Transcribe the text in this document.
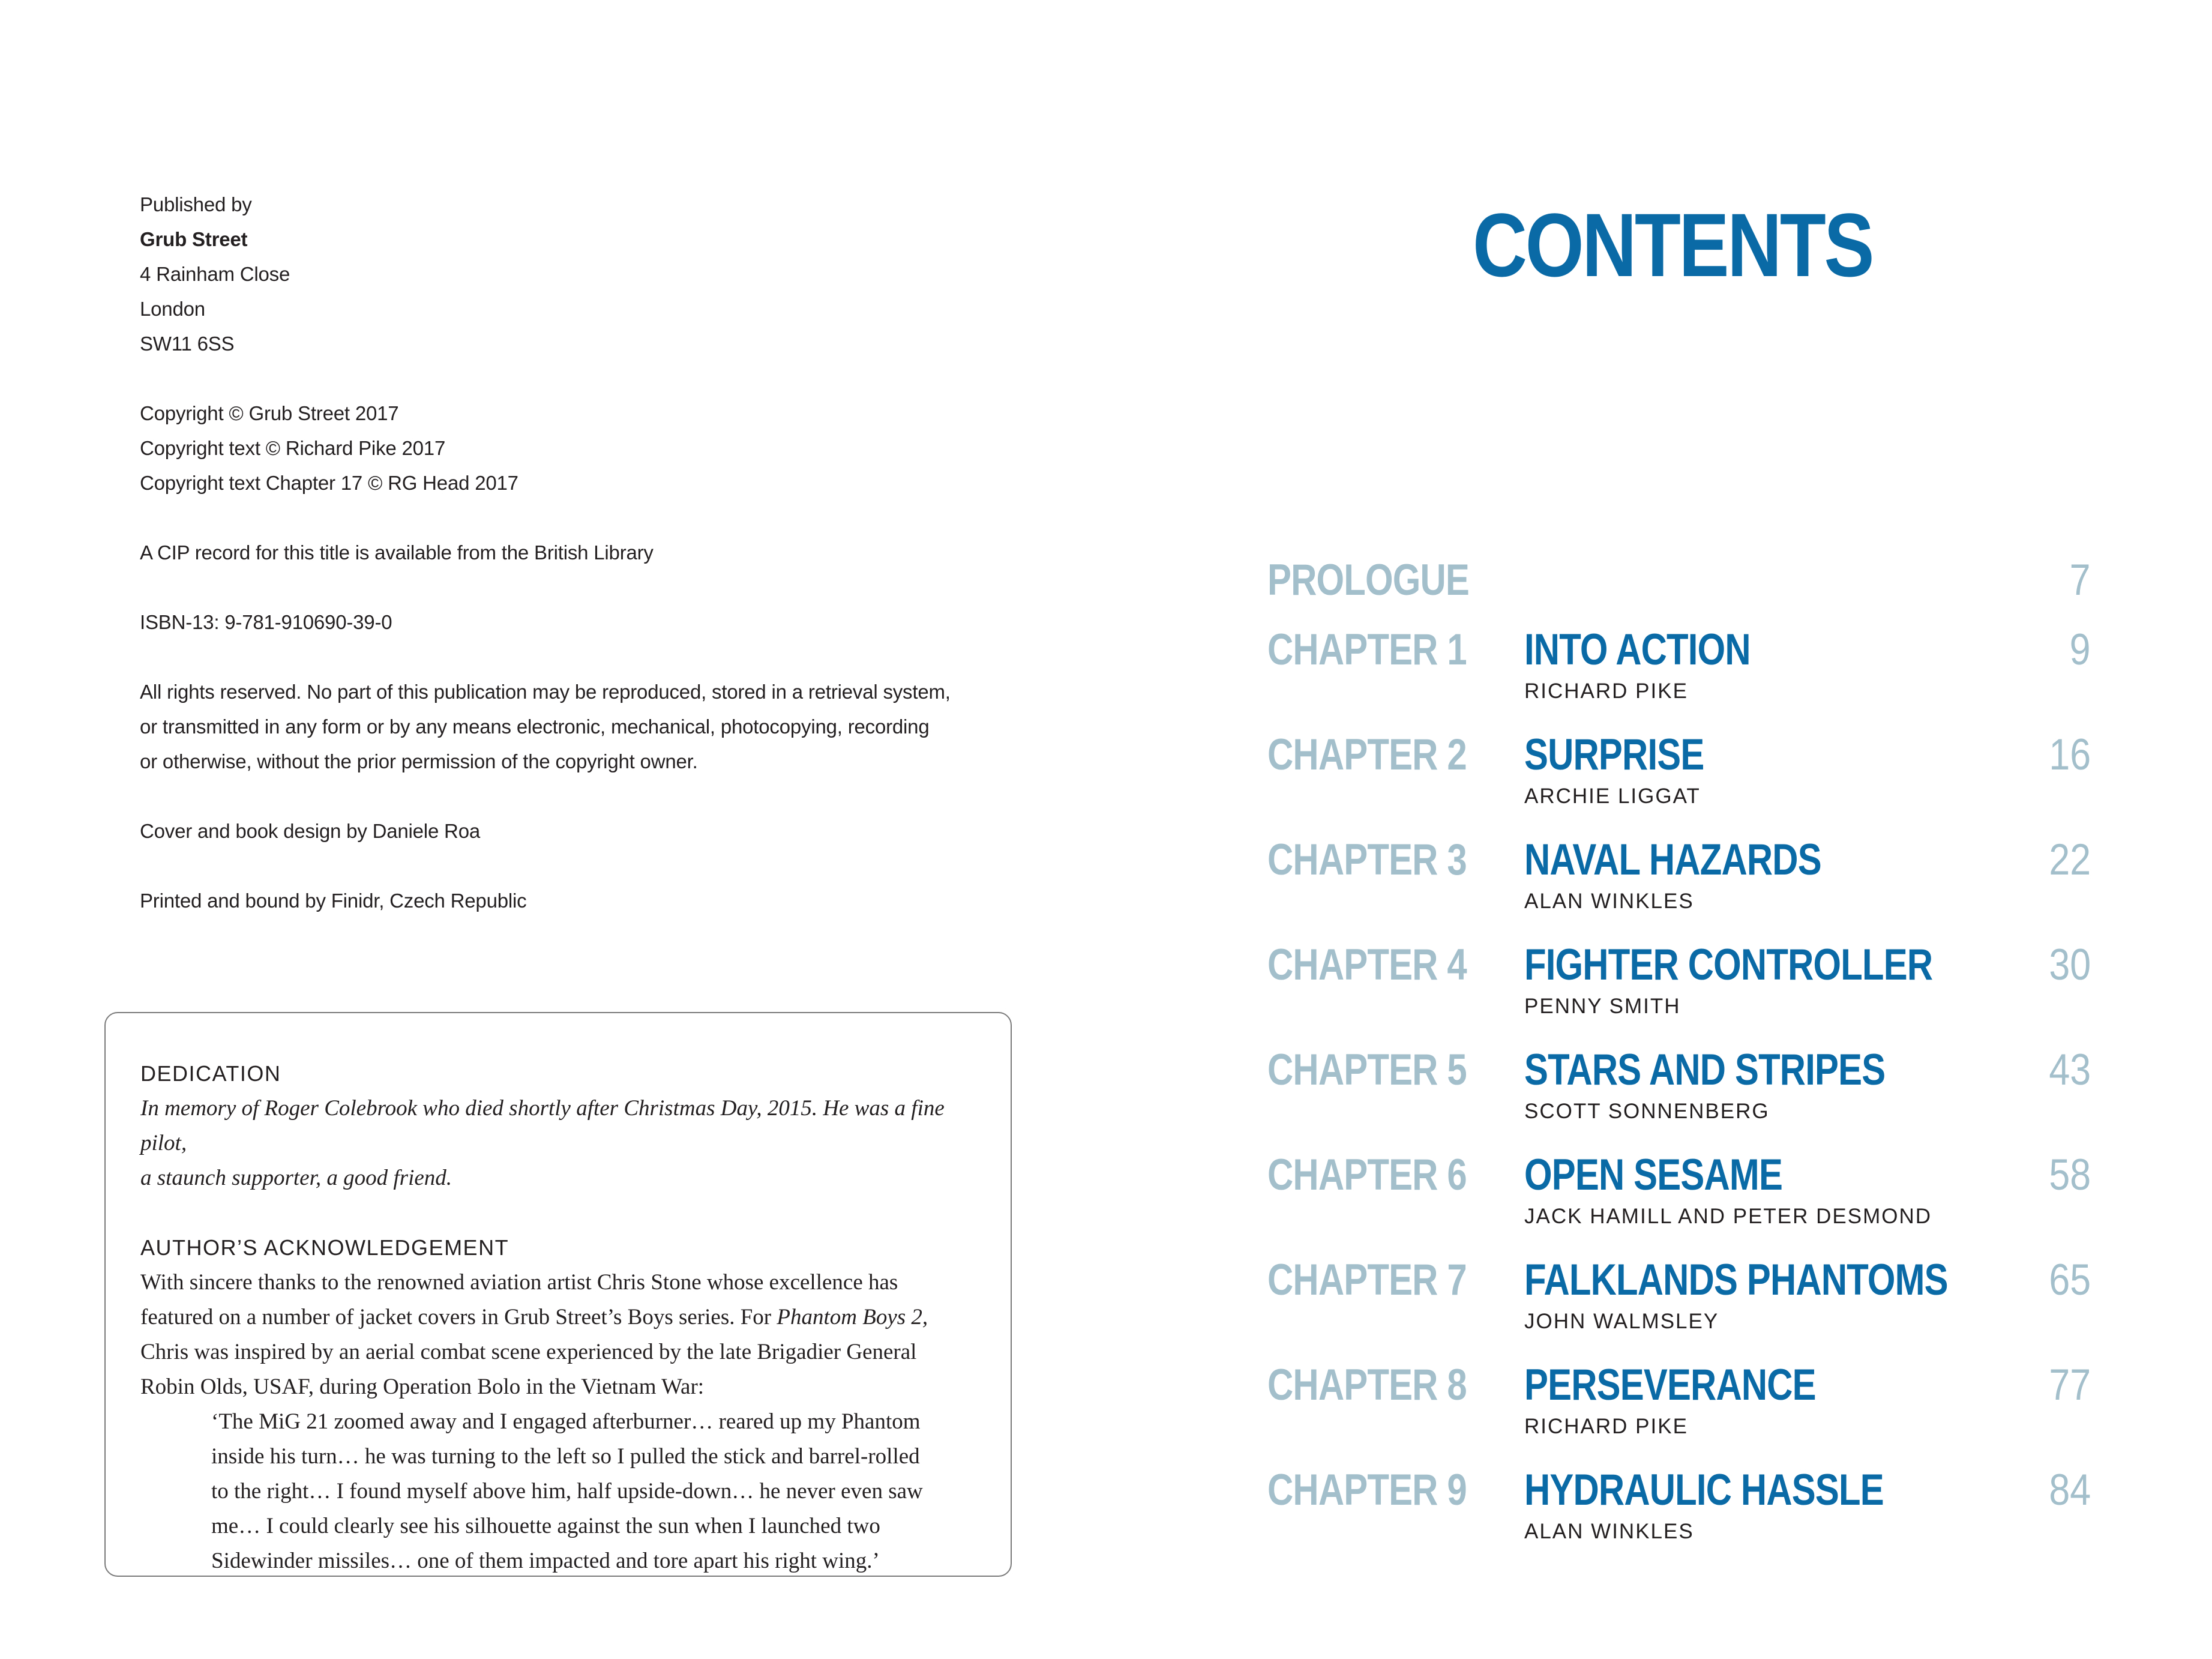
Published by

Grub Street

4 Rainham Close

London

SW11 6SS

Copyright © Grub Street 2017

Copyright text © Richard Pike 2017

Copyright text Chapter 17 © RG Head 2017

A CIP record for this title is available from the British Library

ISBN-13: 9-781-910690-39-0

All rights reserved. No part of this publication may be reproduced, stored in a retrieval system,

or transmitted in any form or by any means electronic, mechanical, photocopying, recording

or otherwise, without the prior permission of the copyright owner.

Cover and book design by Daniele Roa

Printed and bound by Finidr, Czech Republic

DEDICATION

In memory of Roger Colebrook who died shortly after Christmas Day, 2015. He was a fine pilot,

a staunch supporter, a good friend.

AUTHOR’S ACKNOWLEDGEMENT

With sincere thanks to the renowned aviation artist Chris Stone whose excellence has

featured on a number of jacket covers in Grub Street’s Boys series. For Phantom Boys 2,

Chris was inspired by an aerial combat scene experienced by the late Brigadier General

Robin Olds, USAF, during Operation Bolo in the Vietnam War:

‘The MiG 21 zoomed away and I engaged afterburner… reared up my Phantom

inside his turn… he was turning to the left so I pulled the stick and barrel-rolled

to the right… I found myself above him, half upside-down… he never even saw

me… I could clearly see his silhouette against the sun when I launched two

Sidewinder missiles… one of them impacted and tore apart his right wing.’

CONTENTS
PROLOGUE	7
CHAPTER 1 INTO ACTION
RICHARD PIKE
9
CHAPTER 2 SURPRISE
ARCHIE LIGGAT
16
CHAPTER 3 NAVAL HAZARDS
ALAN WINKLES
22
CHAPTER 4 FIGHTER CONTROLLER
PENNY SMITH
30
CHAPTER 5 STARS AND STRIPES
SCOTT SONNENBERG
43
CHAPTER 6 OPEN SESAME
JACK HAMILL AND PETER DESMOND
58
CHAPTER 7 FALKLANDS PHANTOMS
JOHN WALMSLEY
65
CHAPTER 8 PERSEVERANCE
RICHARD PIKE
77
CHAPTER 9 HYDRAULIC HASSLE
ALAN WINKLES
84
